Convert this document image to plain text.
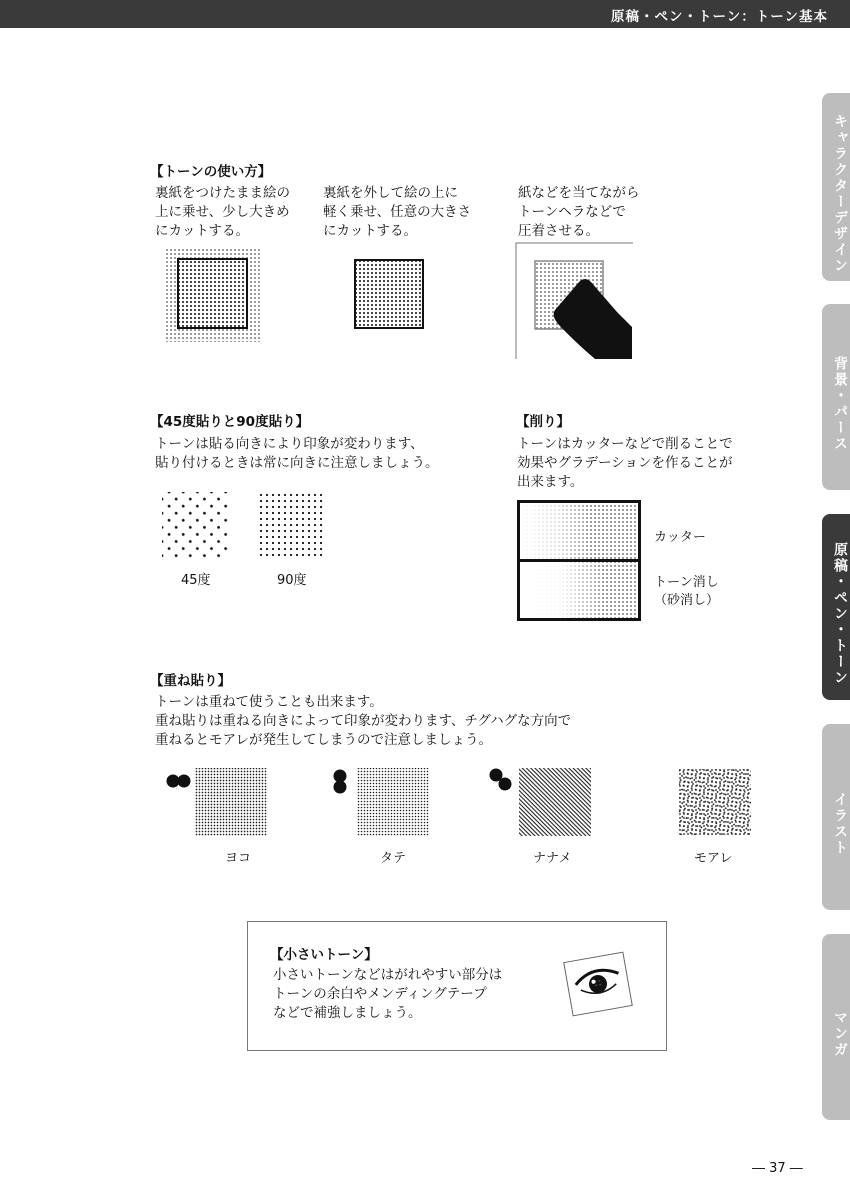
原稿・ペン・トーン：トーン基本
キャラクターデザイン
背景・パース
原稿・ペン・トーン
イラスト
マンガ
【トーンの使い方】
裏紙をつけたまま絵の
上に乗せ、少し大きめ
にカットする。
裏紙を外して絵の上に
軽く乗せ、任意の大きさ
にカットする。
紙などを当てながら
トーンヘラなどで
圧着させる。
【45度貼りと90度貼り】
トーンは貼る向きにより印象が変わります、
貼り付けるときは常に向きに注意しましょう。
45度	90度
【削り】
トーンはカッターなどで削ることで
効果やグラデーションを作ることが
出来ます。
カッター
トーン消し
（砂消し）
【重ね貼り】
トーンは重ねて使うことも出来ます。
重ね貼りは重ねる向きによって印象が変わります、チグハグな方向で
重ねるとモアレが発生してしまうので注意しましょう。
ヨコ	タテ	ナナメ	モアレ
【小さいトーン】
小さいトーンなどはがれやすい部分は
トーンの余白やメンディングテープ
などで補強しましょう。
― 37 ―
